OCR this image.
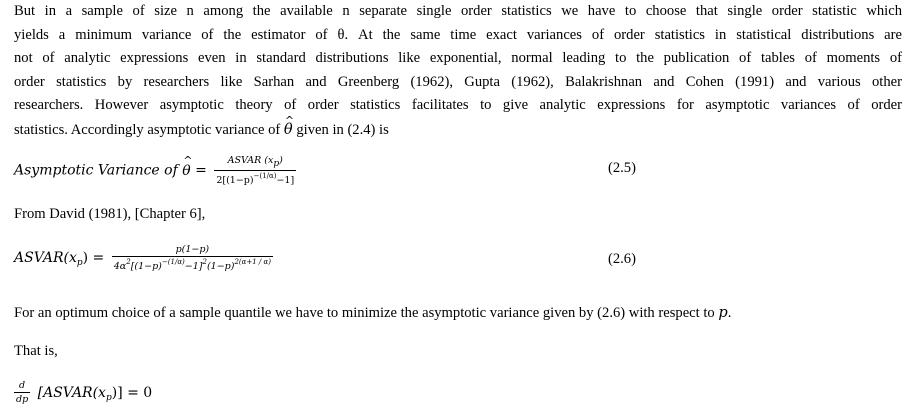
But in a sample of size n among the available n separate single order statistics we have to choose that single order statistic which
yields a minimum variance of the estimator of θ. At the same time exact variances of order statistics in statistical distributions are
not of analytic expressions even in standard distributions like exponential, normal leading to the publication of tables of moments of
order statistics by researchers like Sarhan and Greenberg (1962), Gupta (1962), Balakrishnan and Cohen (1991) and various other
researchers. However asymptotic theory of order statistics facilitates to give analytic expressions for asymptotic variances of order
statistics. Accordingly asymptotic variance of ^ θ given in (2.4) is
Asymptotic Variance of ^ $\theta = \frac{\text{ASVAR (xp)}}{2[(1-p)^{-(1/\alpha)}-1]}$	(2.5)
From David (1981), [Chapter 6],
$ASVAR(x_p) = \frac{p(1-p)}{4\alpha^2[(1-p)^{-(1/\alpha)}-1]^2(1-p)^{2(\alpha+1 / \alpha)}}$	(2.6)
For an optimum choice of a sample quantile we have to minimize the asymptotic variance given by (2.6) with respect to p.
That is,
$\frac{d}{dp}$ $[ASVAR(x_p)] = 0$
